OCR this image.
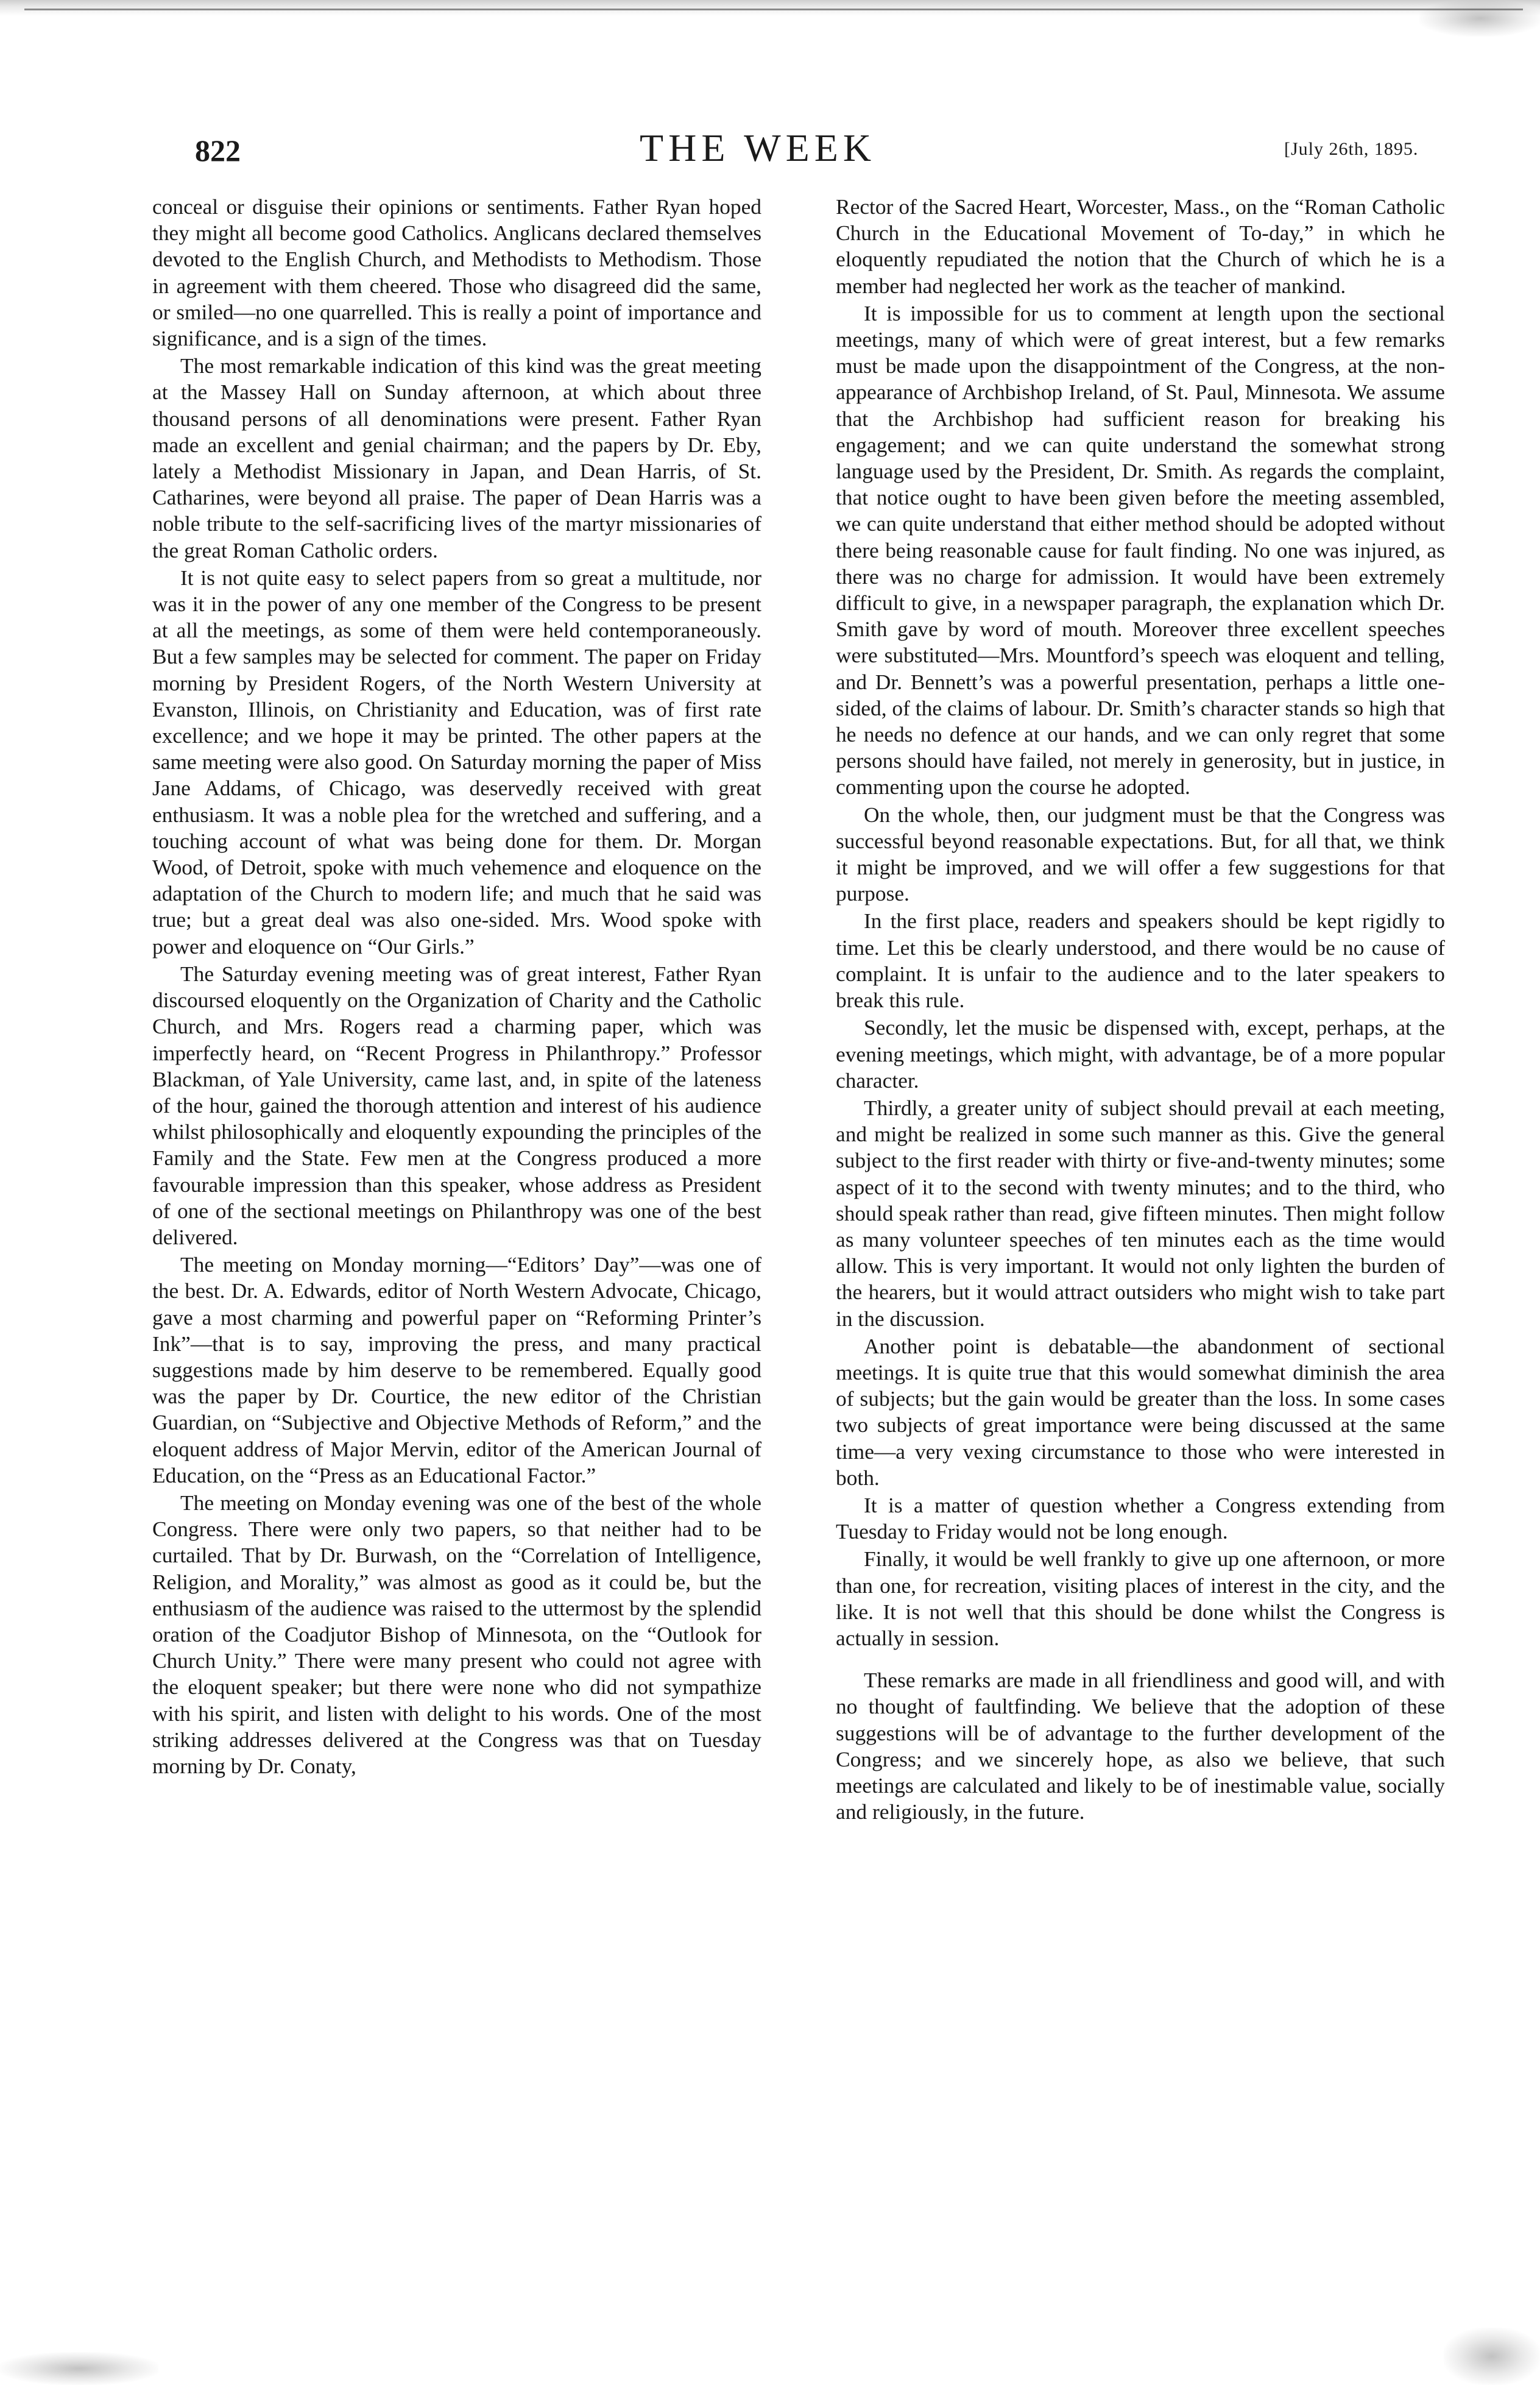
822	THE WEEK	[July 26th, 1895.

conceal or disguise their opinions or sentiments. Father Ryan hoped they might all become good Catholics. Anglicans declared themselves devoted to the English Church, and Methodists to Methodism. Those in agreement with them cheered. Those who disagreed did the same, or smiled—no one quarrelled. This is really a point of importance and significance, and is a sign of the times.

The most remarkable indication of this kind was the great meeting at the Massey Hall on Sunday afternoon, at which about three thousand persons of all denominations were present. Father Ryan made an excellent and genial chairman; and the papers by Dr. Eby, lately a Methodist Missionary in Japan, and Dean Harris, of St. Catharines, were beyond all praise. The paper of Dean Harris was a noble tribute to the self-sacrificing lives of the martyr missionaries of the great Roman Catholic orders.

It is not quite easy to select papers from so great a multitude, nor was it in the power of any one member of the Congress to be present at all the meetings, as some of them were held contemporaneously. But a few samples may be selected for comment. The paper on Friday morning by President Rogers, of the North Western University at Evanston, Illinois, on Christianity and Education, was of first rate excellence; and we hope it may be printed. The other papers at the same meeting were also good. On Saturday morning the paper of Miss Jane Addams, of Chicago, was deservedly received with great enthusiasm. It was a noble plea for the wretched and suffering, and a touching account of what was being done for them. Dr. Morgan Wood, of Detroit, spoke with much vehemence and eloquence on the adaptation of the Church to modern life; and much that he said was true; but a great deal was also one-sided. Mrs. Wood spoke with power and eloquence on “Our Girls.”

The Saturday evening meeting was of great interest, Father Ryan discoursed eloquently on the Organization of Charity and the Catholic Church, and Mrs. Rogers read a charming paper, which was imperfectly heard, on “Recent Progress in Philanthropy.” Professor Blackman, of Yale University, came last, and, in spite of the lateness of the hour, gained the thorough attention and interest of his audience whilst philosophically and eloquently expounding the principles of the Family and the State. Few men at the Congress produced a more favourable impression than this speaker, whose address as President of one of the sectional meetings on Philanthropy was one of the best delivered.

The meeting on Monday morning—“Editors’ Day”—was one of the best. Dr. A. Edwards, editor of North Western Advocate, Chicago, gave a most charming and powerful paper on “Reforming Printer’s Ink”—that is to say, improving the press, and many practical suggestions made by him deserve to be remembered. Equally good was the paper by Dr. Courtice, the new editor of the Christian Guardian, on “Subjective and Objective Methods of Reform,” and the eloquent address of Major Mervin, editor of the American Journal of Education, on the “Press as an Educational Factor.”

The meeting on Monday evening was one of the best of the whole Congress. There were only two papers, so that neither had to be curtailed. That by Dr. Burwash, on the “Correlation of Intelligence, Religion, and Morality,” was almost as good as it could be, but the enthusiasm of the audience was raised to the uttermost by the splendid oration of the Coadjutor Bishop of Minnesota, on the “Outlook for Church Unity.” There were many present who could not agree with the eloquent speaker; but there were none who did not sympathize with his spirit, and listen with delight to his words. One of the most striking addresses delivered at the Congress was that on Tuesday morning by Dr. Conaty,

Rector of the Sacred Heart, Worcester, Mass., on the “Roman Catholic Church in the Educational Movement of To-day,” in which he eloquently repudiated the notion that the Church of which he is a member had neglected her work as the teacher of mankind.

It is impossible for us to comment at length upon the sectional meetings, many of which were of great interest, but a few remarks must be made upon the disappointment of the Congress, at the non-appearance of Archbishop Ireland, of St. Paul, Minnesota. We assume that the Archbishop had sufficient reason for breaking his engagement; and we can quite understand the somewhat strong language used by the President, Dr. Smith. As regards the complaint, that notice ought to have been given before the meeting assembled, we can quite understand that either method should be adopted without there being reasonable cause for fault finding. No one was injured, as there was no charge for admission. It would have been extremely difficult to give, in a newspaper paragraph, the explanation which Dr. Smith gave by word of mouth. Moreover three excellent speeches were substituted—Mrs. Mountford’s speech was eloquent and telling, and Dr. Bennett’s was a powerful presentation, perhaps a little one-sided, of the claims of labour. Dr. Smith’s character stands so high that he needs no defence at our hands, and we can only regret that some persons should have failed, not merely in generosity, but in justice, in commenting upon the course he adopted.

On the whole, then, our judgment must be that the Congress was successful beyond reasonable expectations. But, for all that, we think it might be improved, and we will offer a few suggestions for that purpose.

In the first place, readers and speakers should be kept rigidly to time. Let this be clearly understood, and there would be no cause of complaint. It is unfair to the audience and to the later speakers to break this rule.

Secondly, let the music be dispensed with, except, perhaps, at the evening meetings, which might, with advantage, be of a more popular character.

Thirdly, a greater unity of subject should prevail at each meeting, and might be realized in some such manner as this. Give the general subject to the first reader with thirty or five-and-twenty minutes; some aspect of it to the second with twenty minutes; and to the third, who should speak rather than read, give fifteen minutes. Then might follow as many volunteer speeches of ten minutes each as the time would allow. This is very important. It would not only lighten the burden of the hearers, but it would attract outsiders who might wish to take part in the discussion.

Another point is debatable—the abandonment of sectional meetings. It is quite true that this would somewhat diminish the area of subjects; but the gain would be greater than the loss. In some cases two subjects of great importance were being discussed at the same time—a very vexing circumstance to those who were interested in both.

It is a matter of question whether a Congress extending from Tuesday to Friday would not be long enough.

Finally, it would be well frankly to give up one afternoon, or more than one, for recreation, visiting places of interest in the city, and the like. It is not well that this should be done whilst the Congress is actually in session.

These remarks are made in all friendliness and good will, and with no thought of faultfinding. We believe that the adoption of these suggestions will be of advantage to the further development of the Congress; and we sincerely hope, as also we believe, that such meetings are calculated and likely to be of inestimable value, socially and religiously, in the future.
